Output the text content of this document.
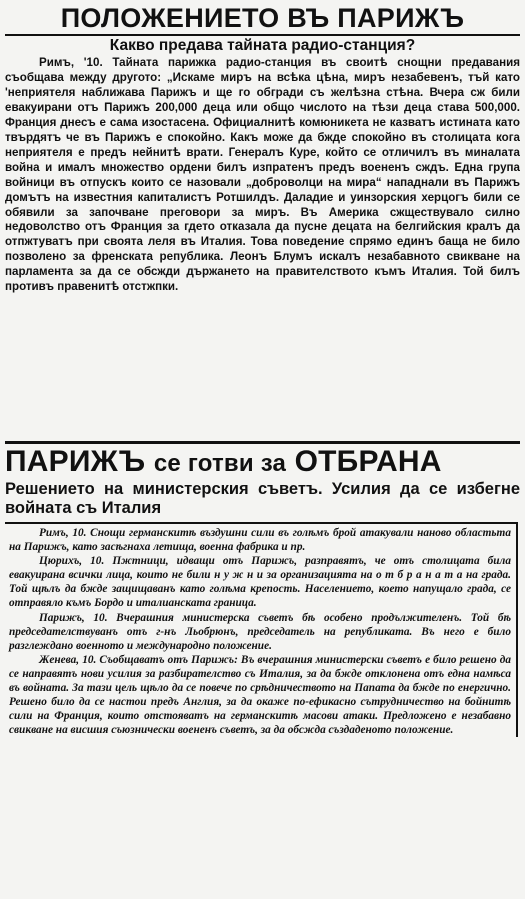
ПОЛОЖЕНИЕТО ВЪ ПАРИЖЪ
Какво предава тайната радио-станция?

Римъ, '10. Тайната парижка радио-станция въ своитѣ снощни предавания съобщава между другото: „Искаме миръ на всѣка цѣна, миръ незабевенъ, тъй като 'неприятеля наближава Парижъ и ще го обгради съ желѣзна стѣна. Вчера сж били евакуирани отъ Парижъ 200,000 деца или общо числото на тѣзи деца става 500,000. Франция днесъ е сама изостасена. Официалнитѣ комюникета не казватъ истината като твърдятъ че въ Парижъ е спокойно. Какъ може да бжде спокойно въ столицата кога неприятеля е предъ нейнитѣ врати. Генералъ Куре, който се отличилъ въ миналата война и ималъ множество ордени билъ изпратенъ предъ воененъ сждъ. Една група войници въ отпускъ които се назовали „доброволци на мира“ нападнали въ Парижъ домътъ на известния капиталистъ Ротшилдъ. Даладие и уинзорския херцогъ били се обявили за започване преговори за миръ. Въ Америка сжществувало силно недоволство отъ Франция за гдето отказала да пусне децата на белгийския кралъ да отпжтуватъ при своята леля въ Италия. Това поведение спрямо единъ баща не било позволено за френската република. Леонъ Блумъ искалъ незабавното свикване на парламента за да се обсжди държането на правителството къмъ Италия. Той билъ противъ правенитѣ отстжпки.

ПАРИЖЪ се готви за ОТБРАНА
Решението на министерския съветъ. Усилия да се избегне войната съ Италия

Римъ, 10. Снощи германскитѣ въздушни сили въ голѣмъ брой атакували наново областьта на Парижъ, като засѣгнаха летища, военна фабрика и пр.

Цюрихъ, 10. Пжтници, идващи отъ Парижъ, разправятъ, че отъ столицата била евакуирана всички лица, които не били н у ж н и за организацията на о т б р а н а т а на града. Той щѣлъ да бжде защищаванъ като голѣма крепость. Населението, което напущало града, се отправяло къмъ Бордо и италианската граница.

Парижъ, 10. Вчерашния министерска съветъ бѣ особено продължителенъ. Той бѣ председателствуванъ отъ г-нъ Льобрюнъ, председатель на републиката. Въ него е било разглеждано военното и международно положение.

Женева, 10. Съобщаватъ отъ Парижъ: Въ вчерашния министерски съветъ е било решено да се направятъ нови усилия за разбирателство съ Италия, за да бжде отклонена отъ една намѣса въ войната. За тази цель щѣло да се повече по срѣдничеството на Папата да бжде по енергично. Решено било да се настои предъ Англия, за да окаже по-ефикасно сътрудничество на бойнитѣ сили на Франция, които отстояватъ на германскитѣ масови атаки. Предложено е незабавно свикване на висшия съюзнически воененъ съветъ, за да обсжда създаденото положение.
